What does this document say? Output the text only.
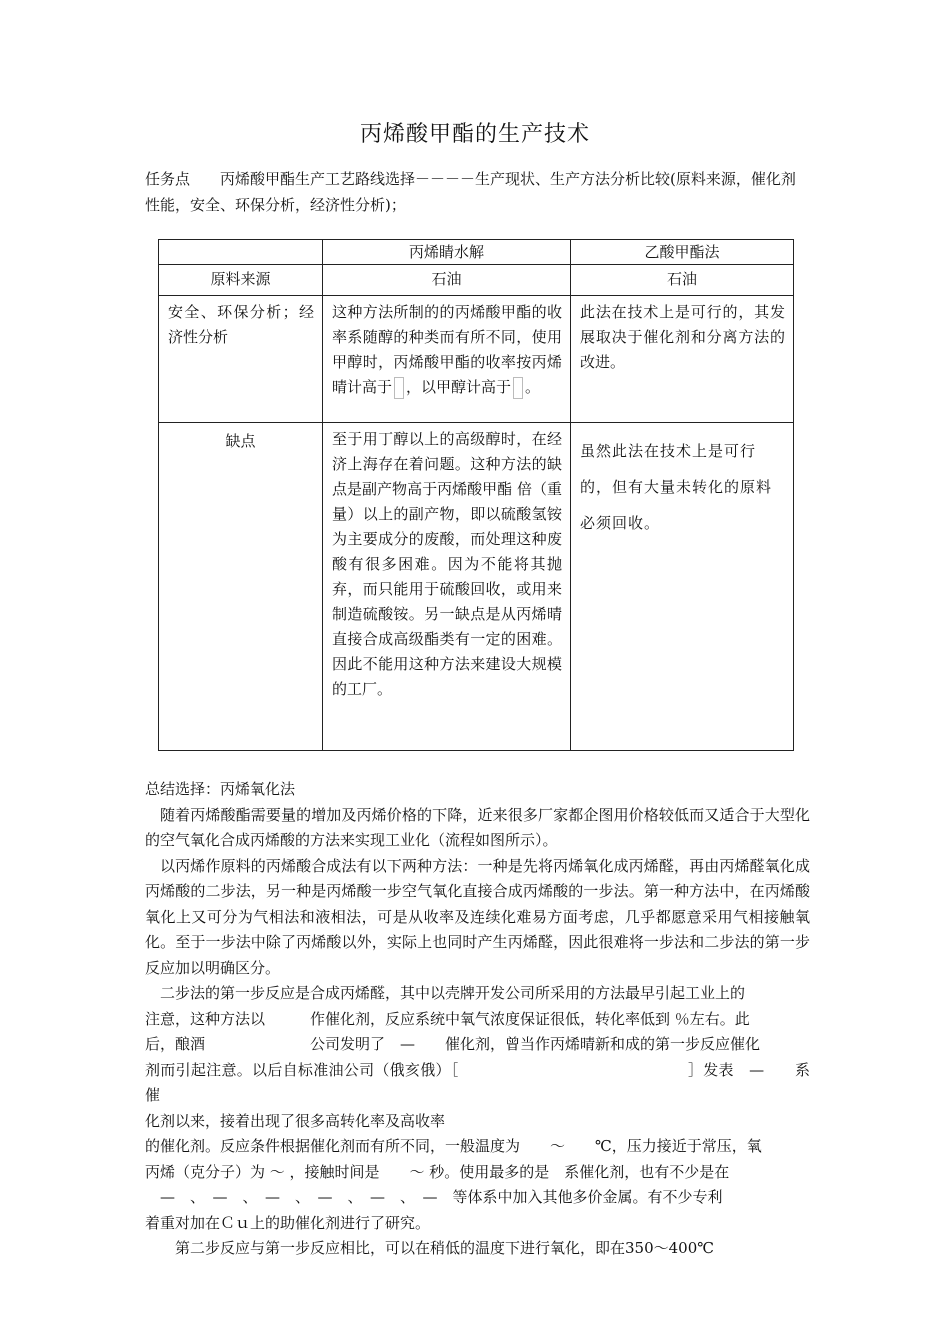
丙烯酸甲酯的生产技术
任务点 丙烯酸甲酯生产工艺路线选择－－－－生产现状、生产方法分析比较(原料来源，催化剂性能，安全、环保分析，经济性分析)；
	丙烯睛水解	乙酸甲酯法
原料来源	石油	石油

安全、环保分析；经济性分析	这种方法所制的的丙烯酸甲酯的收率系随醇的种类而有所不同，使用甲醇时，丙烯酸甲酯的收率按丙烯晴计高于 ，以甲醇计高于 。	此法在技术上是可行的，其发展取决于催化剂和分离方法的改进。

缺点	至于用丁醇以上的高级醇时，在经济上海存在着问题。这种方法的缺点是副产物高于丙烯酸甲酯 倍（重量）以上的副产物，即以硫酸氢铵为主要成分的废酸，而处理这种废酸有很多困难。因为不能将其抛弃，而只能用于硫酸回收，或用来制造硫酸铵。另一缺点是从丙烯晴直接合成高级酯类有一定的困难。因此不能用这种方法来建设大规模的工厂。	虽然此法在技术上是可行的，但有大量未转化的原料必须回收。

总结选择：丙烯氧化法

随着丙烯酸酯需要量的增加及丙烯价格的下降，近来很多厂家都企图用价格较低而又适合于大型化的空气氧化合成丙烯酸的方法来实现工业化（流程如图所示）。

以丙烯作原料的丙烯酸合成法有以下两种方法：一种是先将丙烯氧化成丙烯醛，再由丙烯醛氧化成丙烯酸的二步法，另一种是丙烯酸一步空气氧化直接合成丙烯酸的一步法。第一种方法中，在丙烯酸氧化上又可分为气相法和液相法，可是从收率及连续化难易方面考虑，几乎都愿意采用气相接触氧化。至于一步法中除了丙烯酸以外，实际上也同时产生丙烯醛，因此很难将一步法和二步法的第一步反应加以明确区分。

二步法的第一步反应是合成丙烯醛，其中以壳牌开发公司所采用的方法最早引起工业上的

注意，这种方法以　　　作催化剂，反应系统中氧气浓度保证很低，转化率低到 ％左右。此

后，酿酒　　　　　　　公司发明了　—　　催化剂，曾当作丙烯晴新和成的第一步反应催化

剂而引起注意。以后自标准油公司（俄亥俄）［　　　　　　　　　　　　　　　］发表　—　　系催

化剂以来，接着出现了很多高转化率及高收率

的催化剂。反应条件根据催化剂而有所不同，一般温度为　　～　　℃，压力接近于常压，氧

丙烯（克分子）为 ～ ，接触时间是　　～ 秒。使用最多的是　系催化剂，也有不少是在

　—　、　—　、　—　、　—　、　—　、　—　等体系中加入其他多价金属。有不少专利

着重对加在Ｃｕ上的助催化剂进行了研究。

第二步反应与第一步反应相比，可以在稍低的温度下进行氧化，即在350～400℃
